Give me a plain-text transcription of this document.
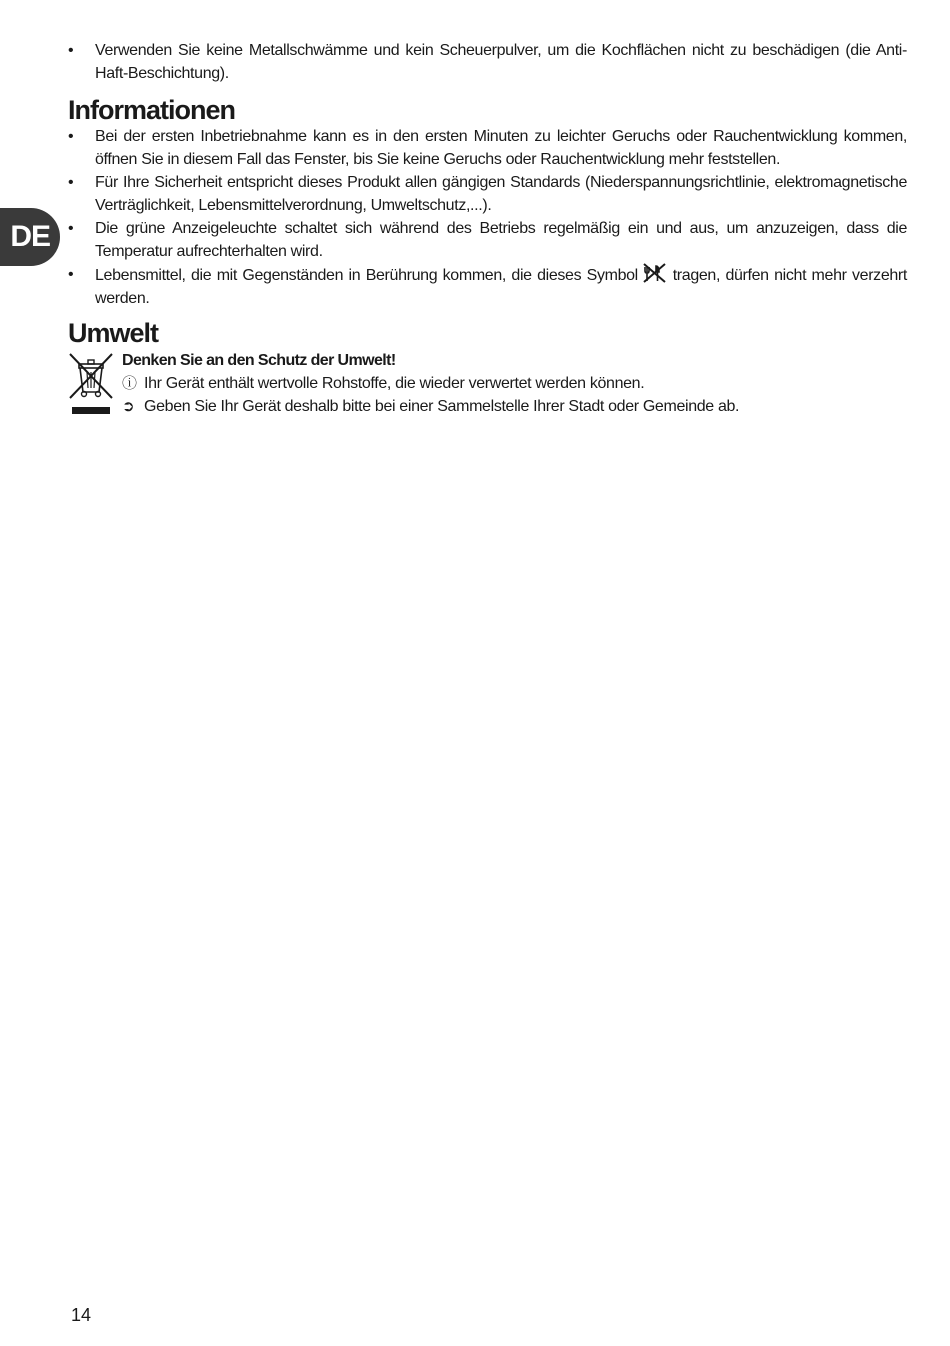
DE
•	Verwenden Sie keine Metallschwämme und kein Scheuerpulver, um die Kochflächen nicht zu beschädigen (die Anti-Haft-Beschichtung).
Informationen
•	Bei der ersten Inbetriebnahme kann es in den ersten Minuten zu leichter Geruchs oder Rauchentwicklung kommen, öffnen Sie in diesem Fall das Fenster, bis Sie keine Geruchs oder Rauchentwicklung mehr feststellen.
•	Für Ihre Sicherheit entspricht dieses Produkt allen gängigen Standards (Niederspannungsrichtlinie, elektromagnetische Verträglichkeit, Lebensmittelverordnung, Umweltschutz,...).
•	Die grüne Anzeigeleuchte schaltet sich während des Betriebs regelmäßig ein und aus, um anzuzeigen, dass die Temperatur aufrechterhalten wird.
•	Lebensmittel, die mit Gegenständen in Berührung kommen, die dieses Symbol tragen, dürfen nicht mehr verzehrt werden.
Umwelt
Denken Sie an den Schutz der Umwelt!
ⓘ Ihr Gerät enthält wertvolle Rohstoffe, die wieder verwertet werden können.
➲ Geben Sie Ihr Gerät deshalb bitte bei einer Sammelstelle Ihrer Stadt oder Gemeinde ab.
14
